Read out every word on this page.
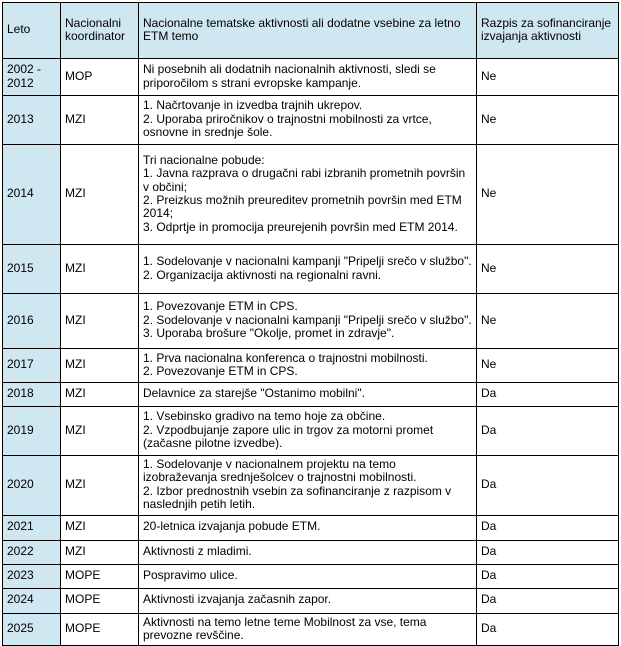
Leto	Nacionalni koordinator	Nacionalne tematske aktivnosti ali dodatne vsebine za letno ETM temo	Razpis za sofinanciranje izvajanja aktivnosti
2002 - 2012	MOP	Ni posebnih ali dodatnih nacionalnih aktivnosti, sledi se priporočilom s strani evropske kampanje.	Ne
2013	MZI	1. Načrtovanje in izvedba trajnih ukrepov.
2. Uporaba priročnikov o trajnostni mobilnosti za vrtce, osnovne in srednje šole.	Ne
2014	MZI	Tri nacionalne pobude:
1. Javna razprava o drugačni rabi izbranih prometnih površin v občini;
2. Preizkus možnih preureditev prometnih površin med ETM 2014;
3. Odprtje in promocija preurejenih površin med ETM 2014.	Ne
2015	MZI	1. Sodelovanje v nacionalni kampanji "Pripelji srečo v službo".
2. Organizacija aktivnosti na regionalni ravni.	Ne
2016	MZI	1. Povezovanje ETM in CPS.
2. Sodelovanje v nacionalni kampanji "Pripelji srečo v službo".
3. Uporaba brošure "Okolje, promet in zdravje".	Ne
2017	MZI	1. Prva nacionalna konferenca o trajnostni mobilnosti.
2. Povezovanje ETM in CPS.	Ne
2018	MZI	Delavnice za starejše "Ostanimo mobilni".	Da
2019	MZI	1. Vsebinsko gradivo na temo hoje za občine.
2. Vzpodbujanje zapore ulic in trgov za motorni promet (začasne pilotne izvedbe).	Da
2020	MZI	1. Sodelovanje v nacionalnem projektu na temo izobraževanja srednješolcev o trajnostni mobilnosti.
2. Izbor prednostnih vsebin za sofinanciranje z razpisom v naslednjih petih letih.	Da
2021	MZI	20-letnica izvajanja pobude ETM.	Da
2022	MZI	Aktivnosti z mladimi.	Da
2023	MOPE	Pospravimo ulice.	Da
2024	MOPE	Aktivnosti izvajanja začasnih zapor.	Da
2025	MOPE	Aktivnosti na temo letne teme Mobilnost za vse, tema prevozne revščine.	Da
